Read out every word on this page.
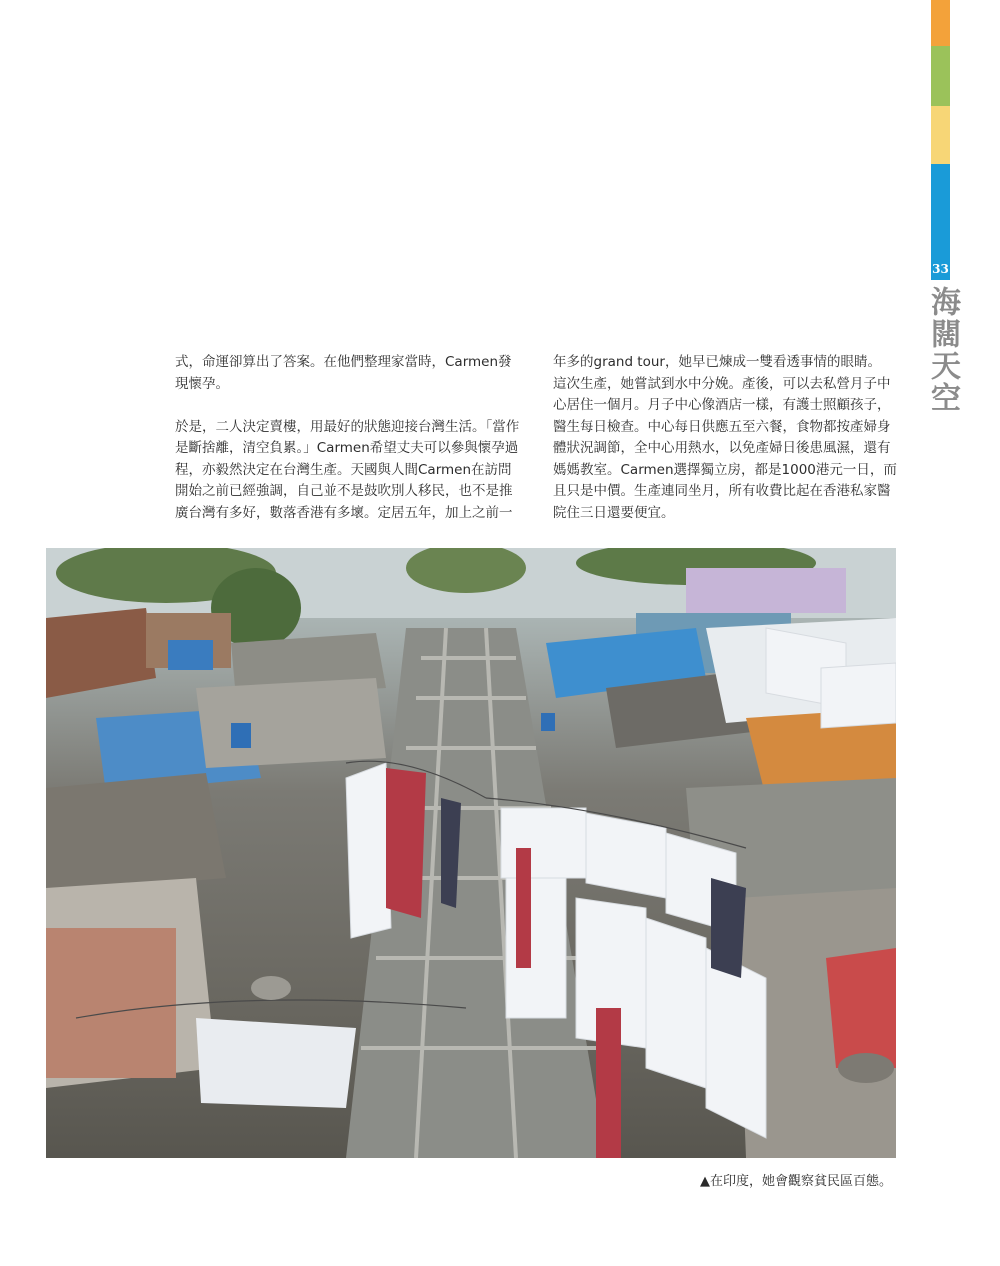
33
海闊天空

式，命運卻算出了答案。在他們整理家當時，Carmen發現懷孕。

於是，二人決定賣樓，用最好的狀態迎接台灣生活。「當作是斷捨離，清空負累。」Carmen希望丈夫可以參與懷孕過程，亦毅然決定在台灣生產。天國與人間Carmen在訪問開始之前已經強調，自己並不是鼓吹別人移民，也不是推廣台灣有多好，數落香港有多壞。定居五年，加上之前一

年多的grand tour，她早已煉成一雙看透事情的眼睛。

這次生產，她嘗試到水中分娩。產後，可以去私營月子中心居住一個月。月子中心像酒店一樣，有護士照顧孩子，醫生每日檢查。中心每日供應五至六餐，食物都按產婦身體狀況調節，全中心用熱水，以免產婦日後患風濕，還有媽媽教室。Carmen選擇獨立房，都是1000港元一日，而且只是中價。生產連同坐月，所有收費比起在香港私家醫院住三日還要便宜。

▲在印度，她會觀察貧民區百態。
